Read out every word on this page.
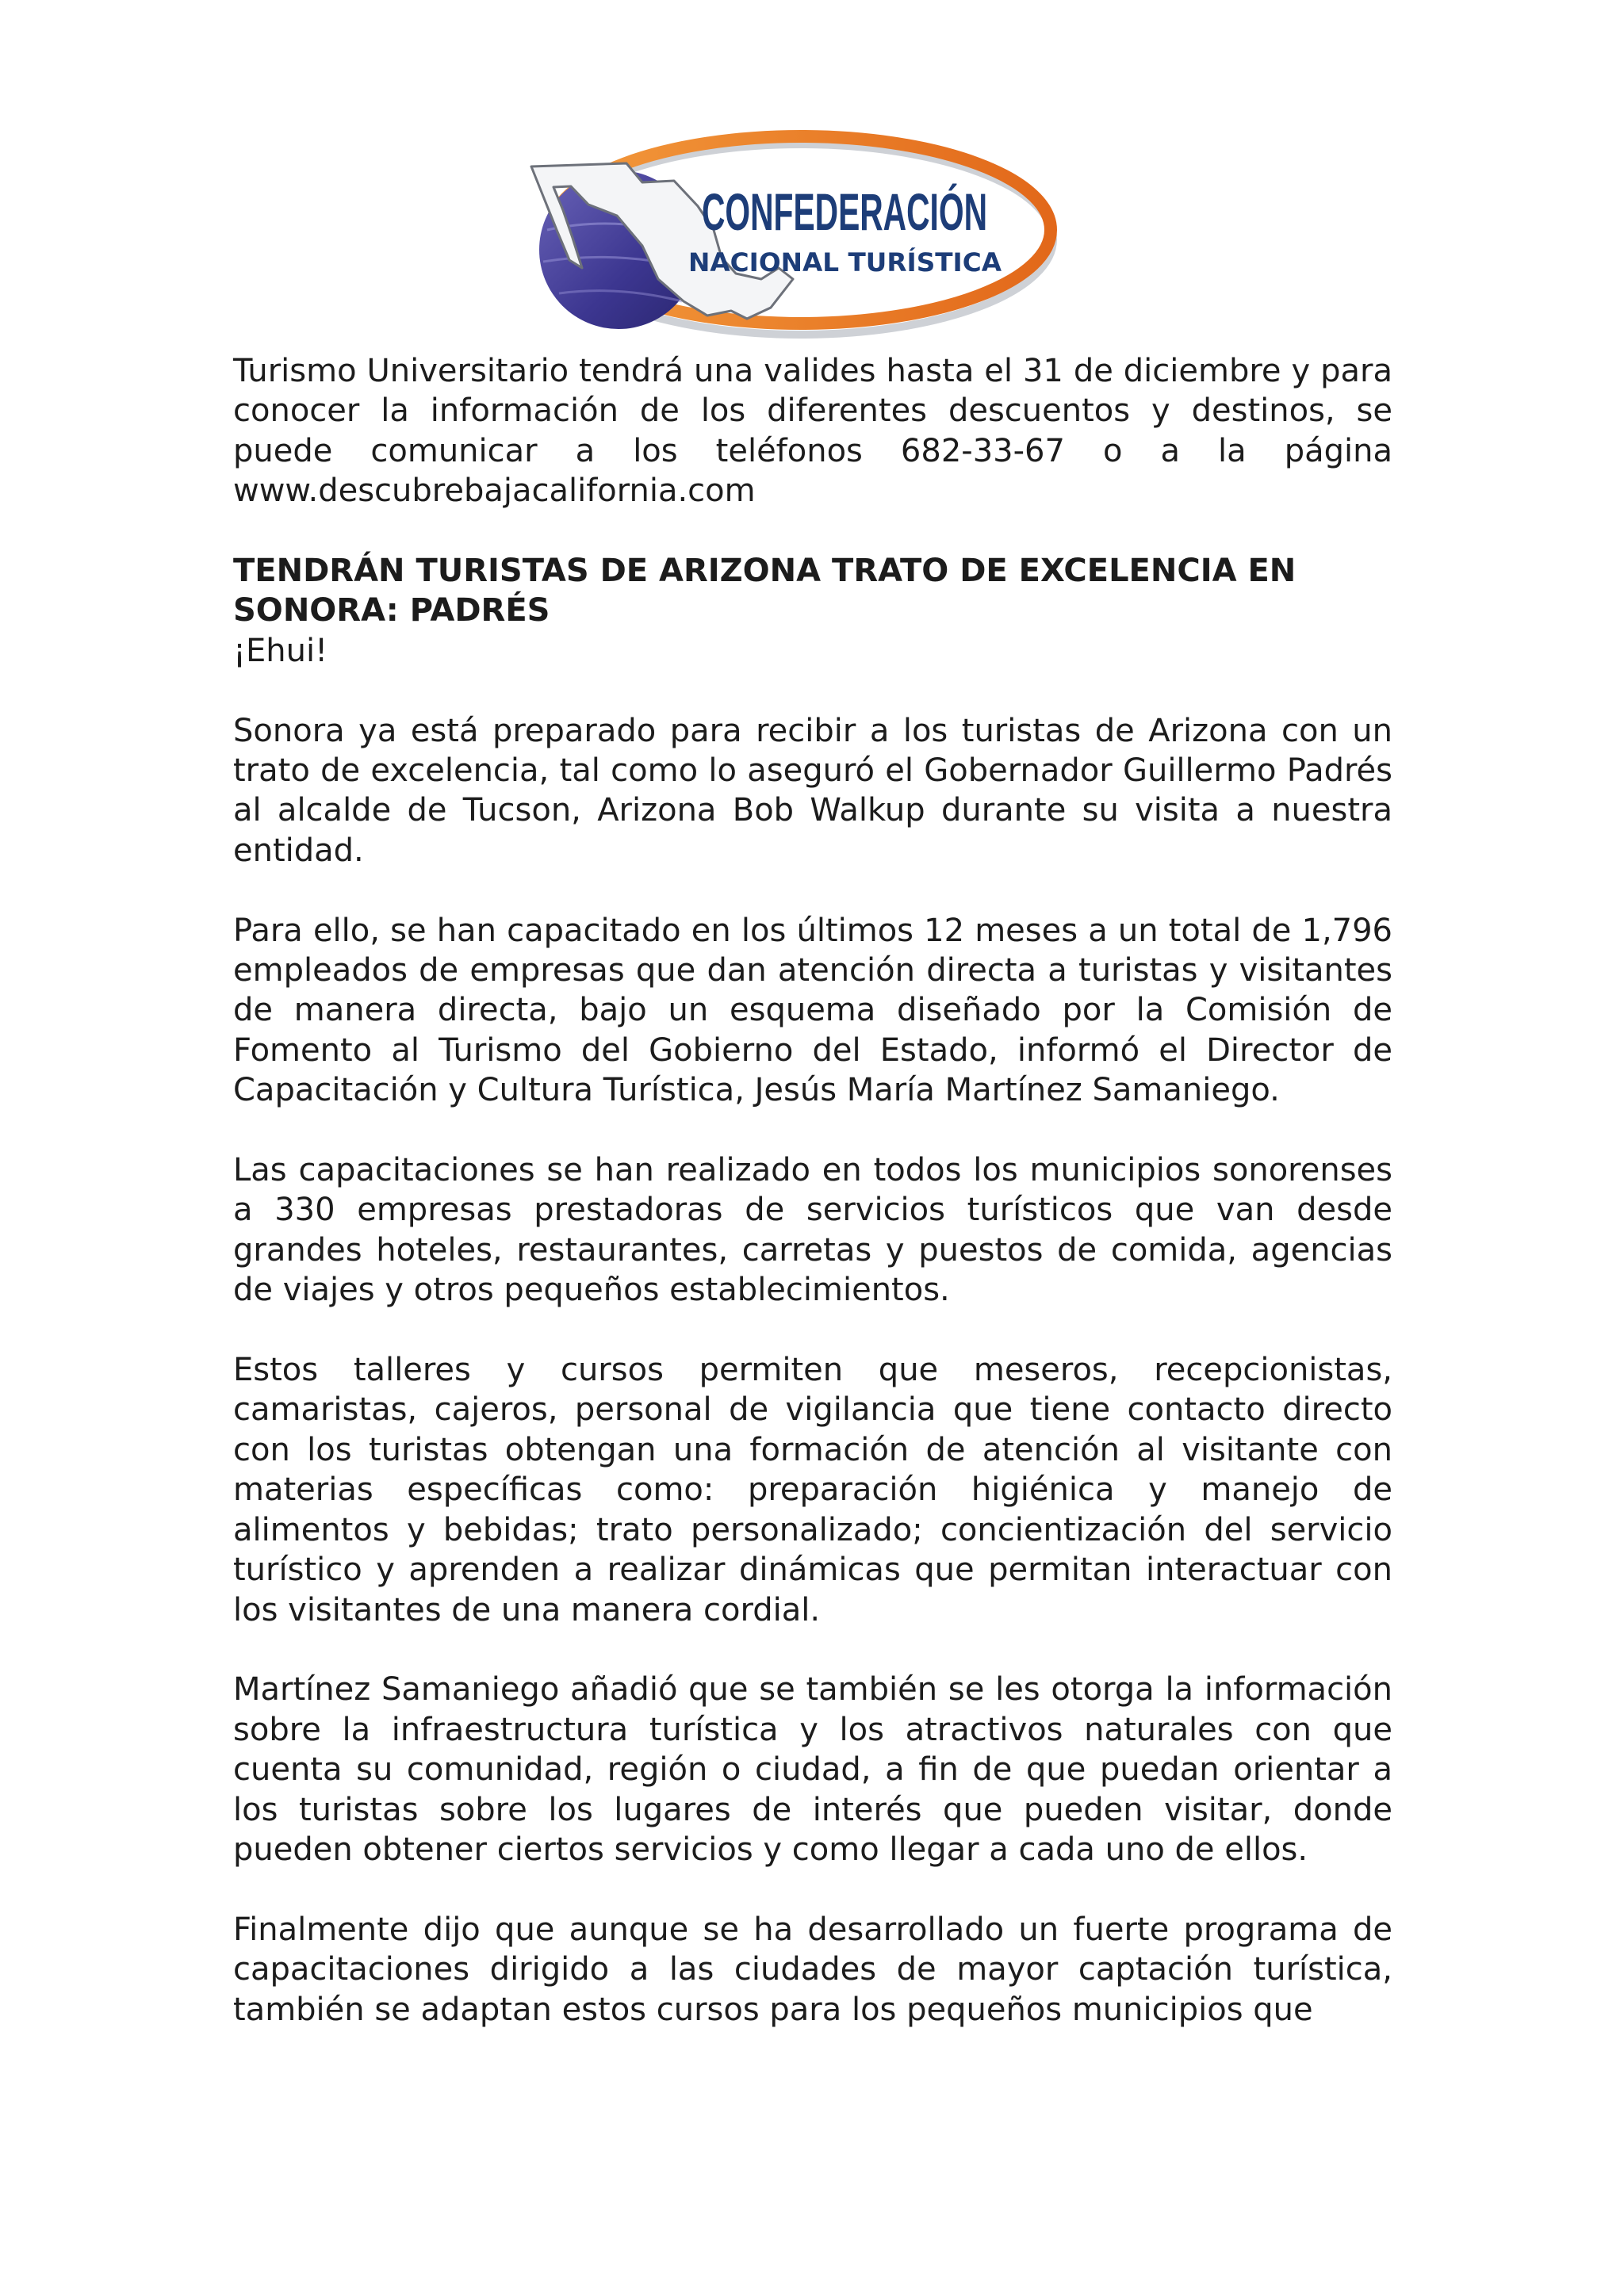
CONFEDERACIÓN
NACIONAL TURÍSTICA

Turismo Universitario tendrá una valides hasta el 31 de diciembre y para conocer la información de los diferentes descuentos y destinos, se puede comunicar a los teléfonos 682-33-67 o a la página www.descubrebajacalifornia.com

TENDRÁN TURISTAS DE ARIZONA TRATO DE EXCELENCIA EN SONORA: PADRÉS

¡Ehui!

Sonora ya está preparado para recibir a los turistas de Arizona con un trato de excelencia, tal como lo aseguró el Gobernador Guillermo Padrés al alcalde de Tucson, Arizona Bob Walkup durante su visita a nuestra entidad.

Para ello, se han capacitado en los últimos 12 meses a un total de 1,796 empleados de empresas que dan atención directa a turistas y visitantes de manera directa, bajo un esquema diseñado por la Comisión de Fomento al Turismo del Gobierno del Estado, informó el Director de Capacitación y Cultura Turística, Jesús María Martínez Samaniego.

Las capacitaciones se han realizado en todos los municipios sonorenses a 330 empresas prestadoras de servicios turísticos que van desde grandes hoteles, restaurantes, carretas y puestos de comida, agencias de viajes y otros pequeños establecimientos.

Estos talleres y cursos permiten que meseros, recepcionistas, camaristas, cajeros, personal de vigilancia que tiene contacto directo con los turistas obtengan una formación de atención al visitante con materias específicas como: preparación higiénica y manejo de alimentos y bebidas; trato personalizado; concientización del servicio turístico y aprenden a realizar dinámicas que permitan interactuar con los visitantes de una manera cordial.

Martínez Samaniego añadió que se también se les otorga la información sobre la infraestructura turística y los atractivos naturales con que cuenta su comunidad, región o ciudad, a fin de que puedan orientar a los turistas sobre los lugares de interés que pueden visitar, donde pueden obtener ciertos servicios y como llegar a cada uno de ellos.

Finalmente dijo que aunque se ha desarrollado un fuerte programa de capacitaciones dirigido a las ciudades de mayor captación turística, también se adaptan estos cursos para los pequeños municipios que
